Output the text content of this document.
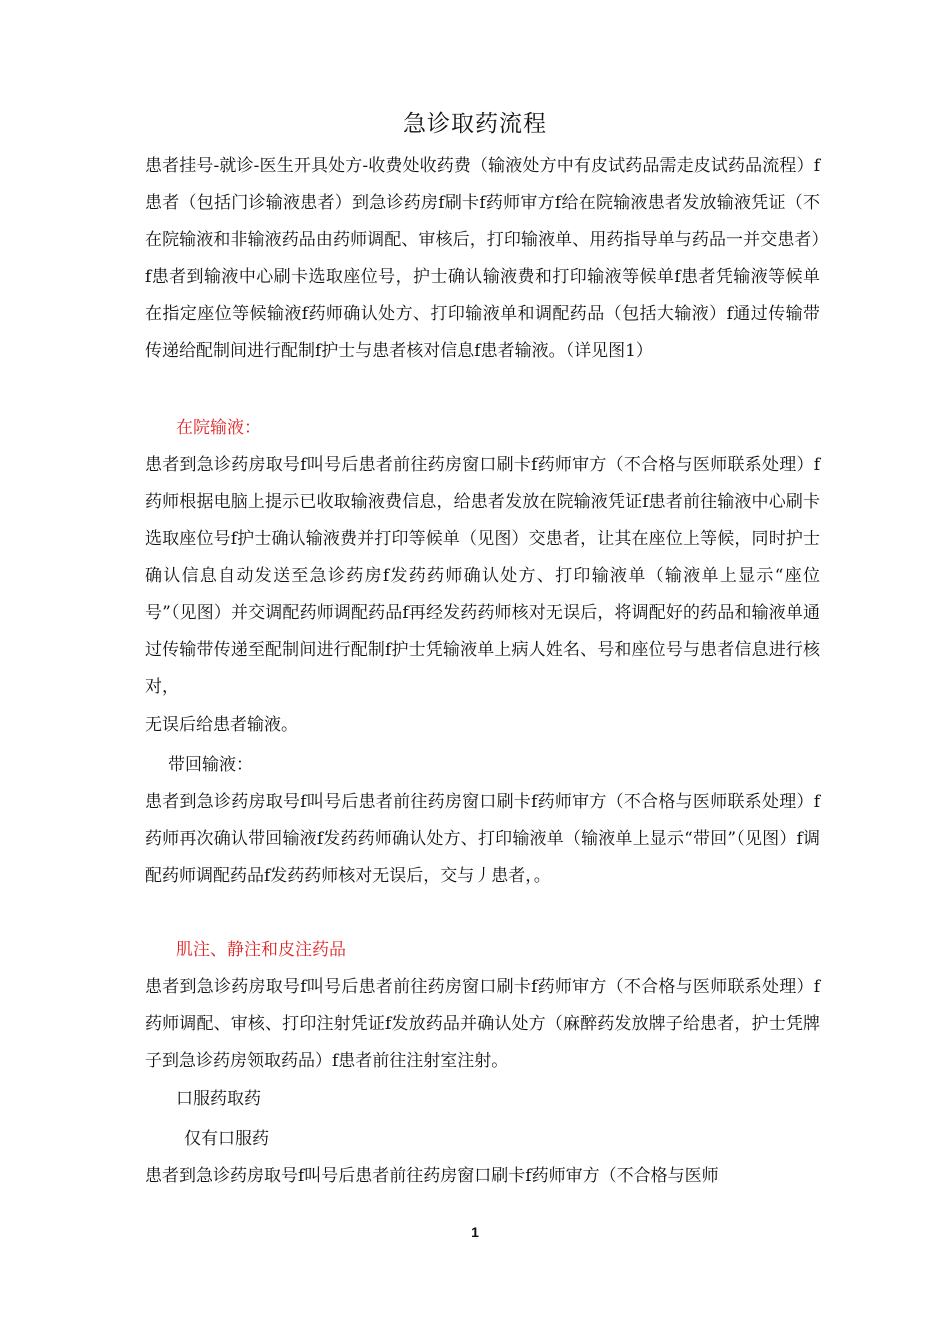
急诊取药流程
患者挂号-就诊-医生开具处方-收费处收药费（输液处方中有皮试药品需走皮试药品流程）f患者（包括门诊输液患者）到急诊药房f刷卡f药师审方f给在院输液患者发放输液凭证（不在院输液和非输液药品由药师调配、审核后，打印输液单、用药指导单与药品一并交患者）f患者到输液中心刷卡选取座位号，护士确认输液费和打印输液等候单f患者凭输液等候单在指定座位等候输液f药师确认处方、打印输液单和调配药品（包括大输液）f通过传输带传递给配制间进行配制f护士与患者核对信息f患者输液。（详见图1）
在院输液：
患者到急诊药房取号f叫号后患者前往药房窗口刷卡f药师审方（不合格与医师联系处理）f药师根据电脑上提示已收取输液费信息，给患者发放在院输液凭证f患者前往输液中心刷卡选取座位号f护士确认输液费并打印等候单（见图）交患者，让其在座位上等候，同时护士确认信息自动发送至急诊药房f发药药师确认处方、打印输液单（输液单上显示“座位号”（见图）并交调配药师调配药品f再经发药药师核对无误后，将调配好的药品和输液单通过传输带传递至配制间进行配制f护士凭输液单上病人姓名、号和座位号与患者信息进行核对，
无误后给患者输液。
带回输液：
患者到急诊药房取号f叫号后患者前往药房窗口刷卡f药师审方（不合格与医师联系处理）f药师再次确认带回输液f发药药师确认处方、打印输液单（输液单上显示“带回”（见图）f调配药师调配药品f发药药师核对无误后，交与丿患者，。
肌注、静注和皮注药品
患者到急诊药房取号f叫号后患者前往药房窗口刷卡f药师审方（不合格与医师联系处理）f药师调配、审核、打印注射凭证f发放药品并确认处方（麻醉药发放牌子给患者，护士凭牌子到急诊药房领取药品）f患者前往注射室注射。
口服药取药
仅有口服药
患者到急诊药房取号f叫号后患者前往药房窗口刷卡f药师审方（不合格与医师
1
